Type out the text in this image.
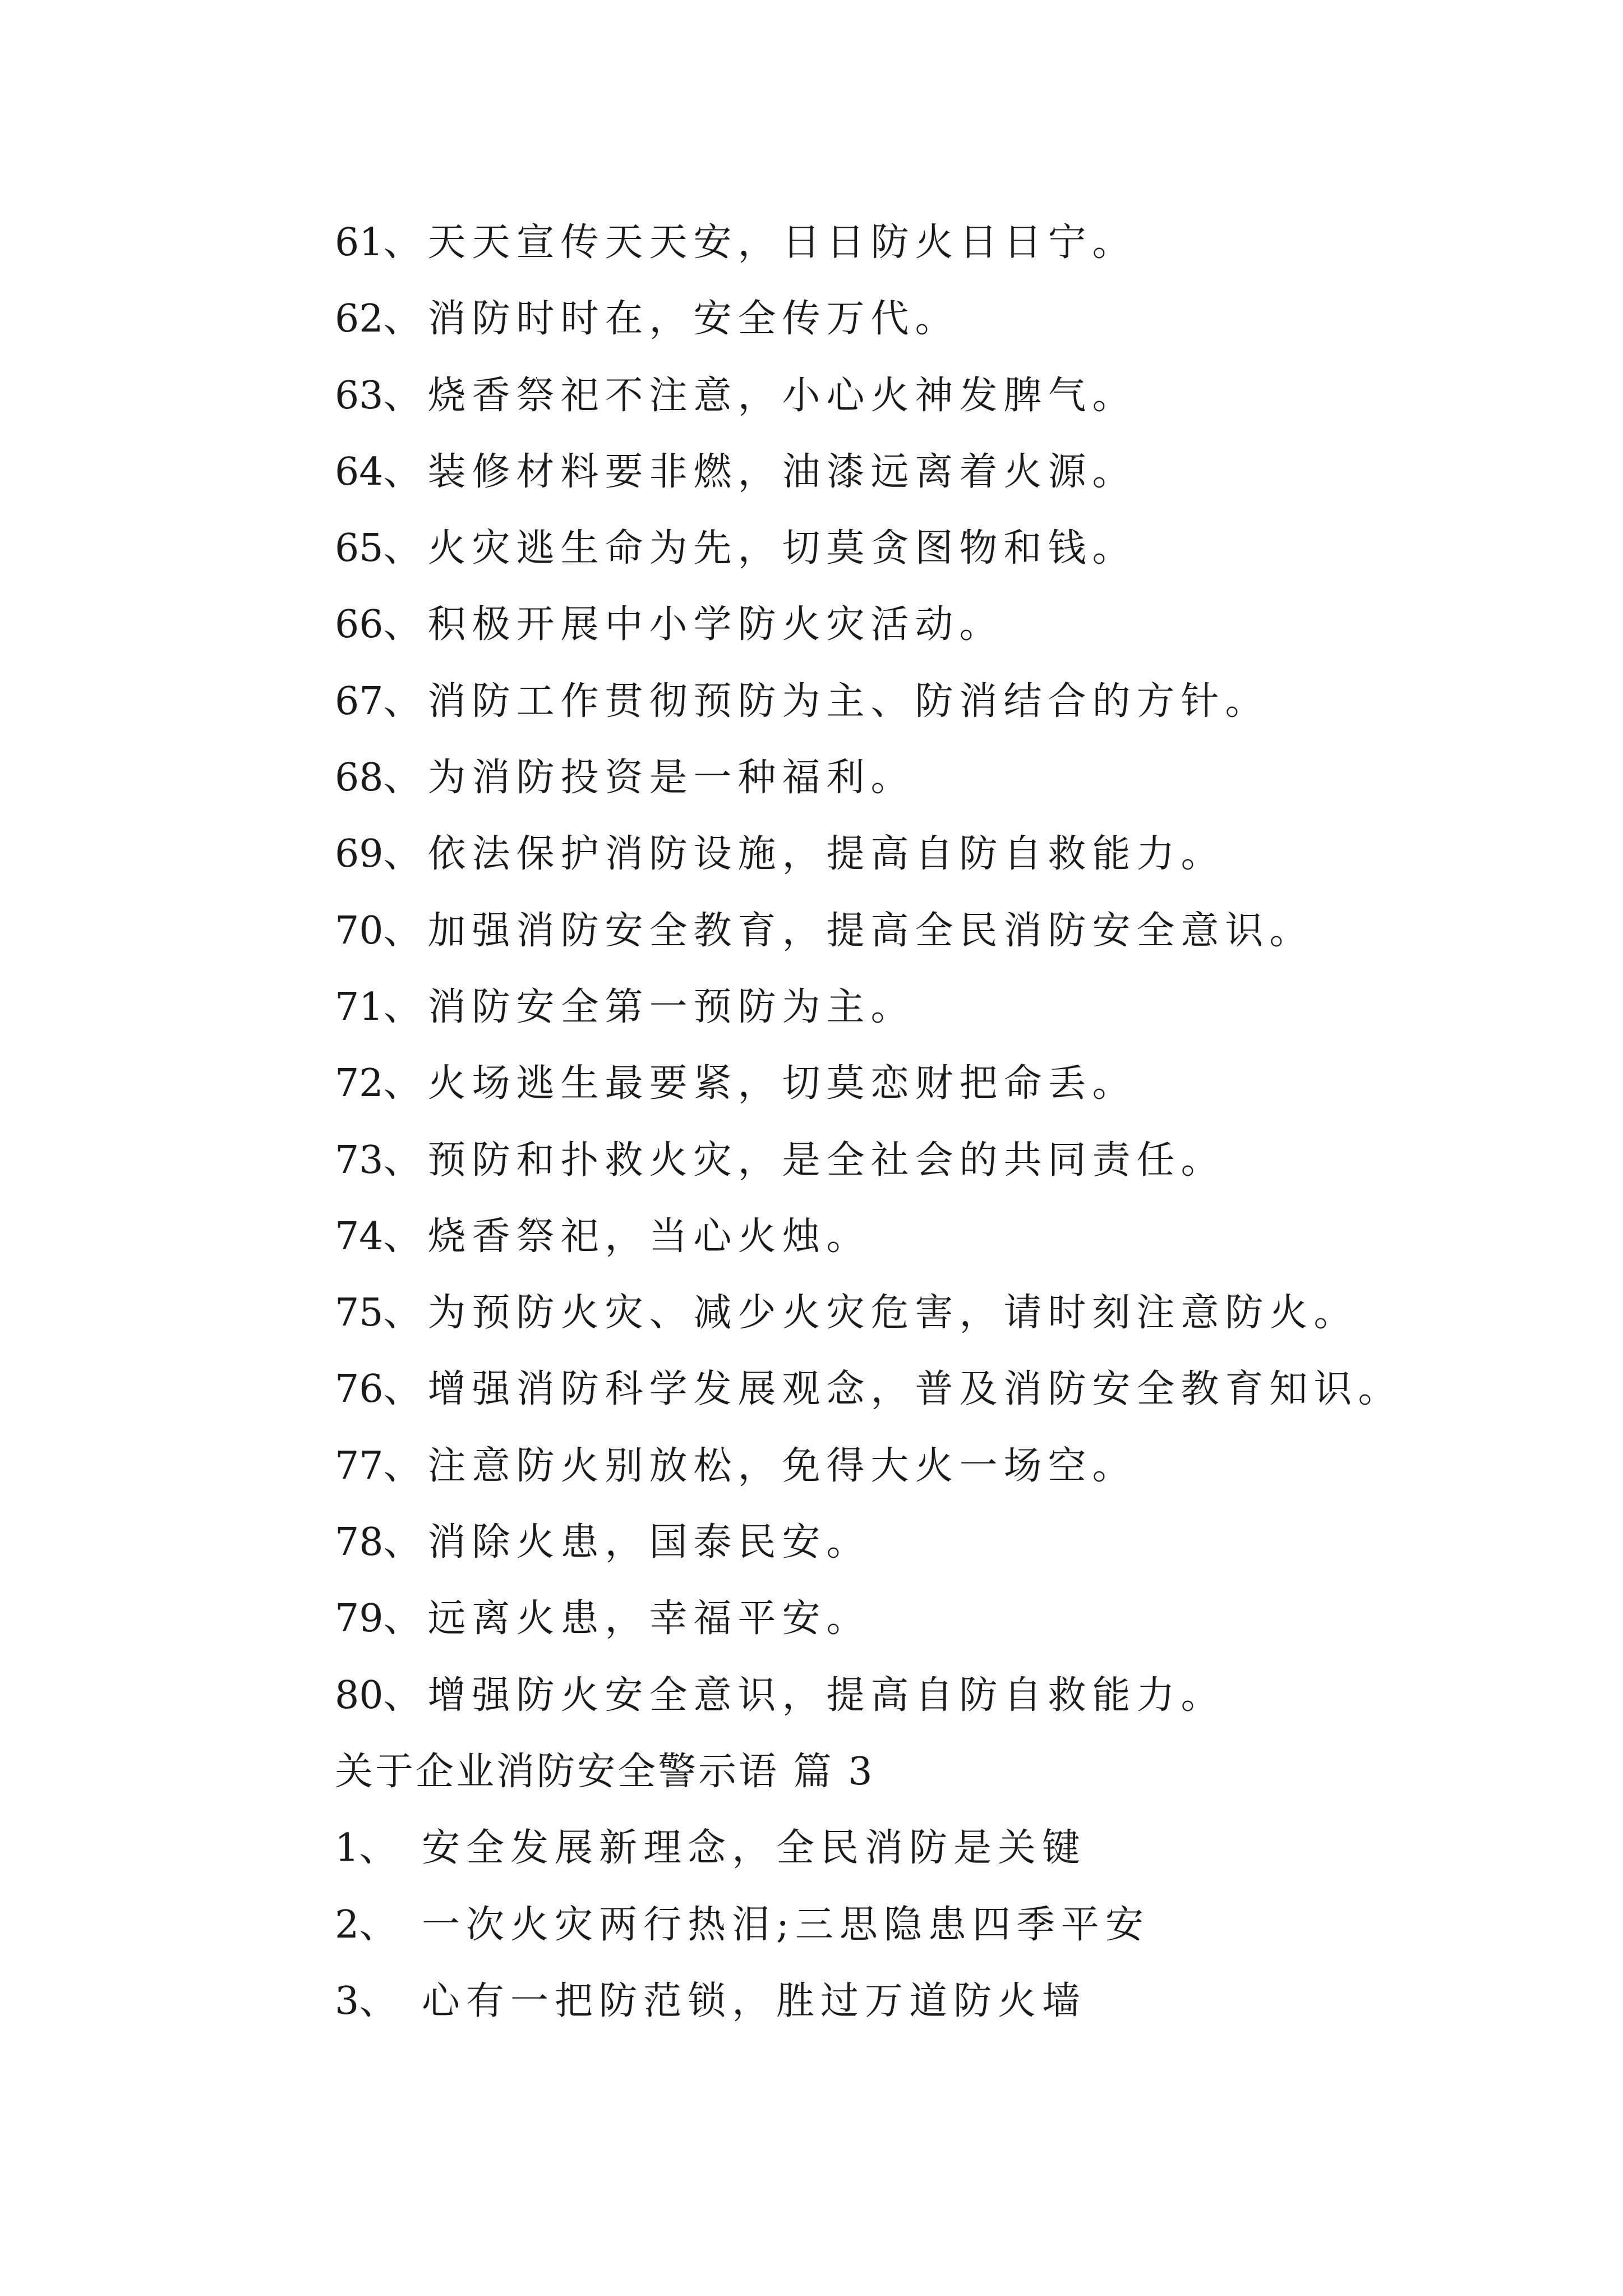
61、天天宣传天天安，日日防火日日宁。
62、消防时时在，安全传万代。
63、烧香祭祀不注意，小心火神发脾气。
64、装修材料要非燃，油漆远离着火源。
65、火灾逃生命为先，切莫贪图物和钱。
66、积极开展中小学防火灾活动。
67、消防工作贯彻预防为主、防消结合的方针。
68、为消防投资是一种福利。
69、依法保护消防设施，提高自防自救能力。
70、加强消防安全教育，提高全民消防安全意识。
71、消防安全第一预防为主。
72、火场逃生最要紧，切莫恋财把命丢。
73、预防和扑救火灾，是全社会的共同责任。
74、烧香祭祀，当心火烛。
75、为预防火灾、减少火灾危害，请时刻注意防火。
76、增强消防科学发展观念，普及消防安全教育知识。
77、注意防火别放松，免得大火一场空。
78、消除火患，国泰民安。
79、远离火患，幸福平安。
80、增强防火安全意识，提高自防自救能力。
关于企业消防安全警示语 篇 3
1、 安全发展新理念，全民消防是关键
2、 一次火灾两行热泪;三思隐患四季平安
3、 心有一把防范锁，胜过万道防火墙
